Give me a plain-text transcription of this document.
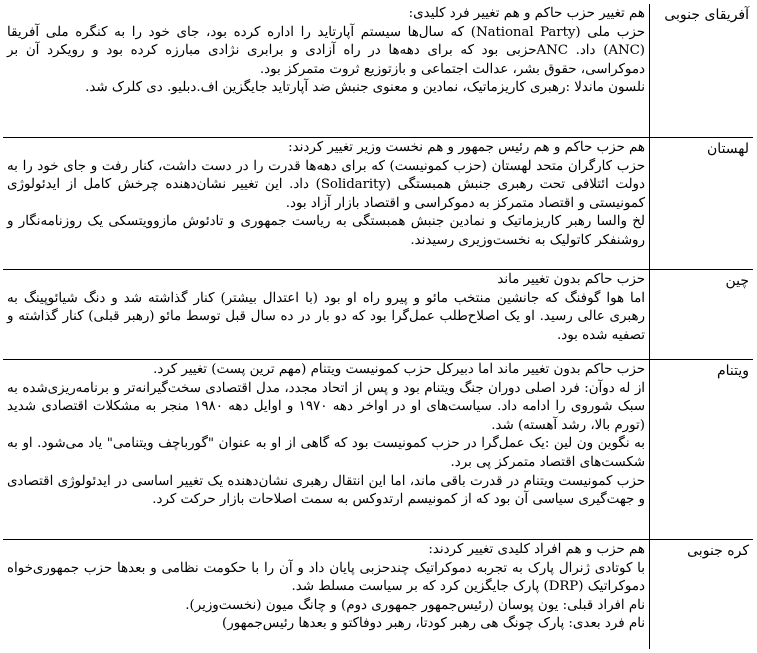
آفریقای جنوبی	هم تغییر حزب حاکم و هم تغییر فرد کلیدی:

حزب ملی (National Party) که سال‌ها سیستم آپارتاید را اداره کرده بود، جای خود را به کنگره ملی آفریقا (ANC) داد. ANCحزبی بود که برای دهه‌ها در راه آزادی و برابری نژادی مبارزه کرده بود و رویکرد آن بر دموکراسی، حقوق بشر، عدالت اجتماعی و بازتوزیع ثروت متمرکز بود.

نلسون ماندلا :رهبری کاریزماتیک، نمادین و معنوی جنبش ضد آپارتاید جایگزین اف.دبلیو. دی کلرک شد.

لهستان	هم حزب حاکم و هم رئیس جمهور و هم نخست وزیر تغییر کردند:

حزب کارگران متحد لهستان (حزب کمونیست) که برای دهه‌ها قدرت را در دست داشت، کنار رفت و جای خود را به دولت ائتلافی تحت رهبری جنبش همبستگی (Solidarity) داد. این تغییر نشان‌دهنده چرخش کامل از ایدئولوژی کمونیستی و اقتصاد متمرکز به دموکراسی و اقتصاد بازار آزاد بود.

لخ والسا رهبر کاریزماتیک و نمادین جنبش همبستگی به ریاست جمهوری و تادئوش مازوویتسکی یک روزنامه‌نگار و روشنفکر کاتولیک به نخست‌وزیری رسیدند.

چین	حزب حاکم بدون تغییر ماند

اما هوا گوفنگ که جانشین منتخب مائو و پیرو راه او بود (با اعتدال بیشتر) کنار گذاشته شد و دنگ شیائوپینگ به رهبری عالی رسید. او یک اصلاح‌طلب عمل‌گرا بود که دو بار در ده سال قبل توسط مائو (رهبر قبلی) کنار گذاشته و تصفیه شده بود.

ویتنام	حزب حاکم بدون تغییر ماند اما دبیرکل حزب کمونیست ویتنام (مهم ترین پست) تغییر کرد.

از له دوآن: فرد اصلی دوران جنگ ویتنام بود و پس از اتحاد مجدد، مدل اقتصادی سخت‌گیرانه‌تر و برنامه‌ریزی‌شده به سبک شوروی را ادامه داد. سیاست‌های او در اواخر دهه ۱۹۷۰ و اوایل دهه ۱۹۸۰ منجر به مشکلات اقتصادی شدید (تورم بالا، رشد آهسته) شد.

به نگوین ون لین :یک عمل‌گرا در حزب کمونیست بود که گاهی از او به عنوان "گورباچف ویتنامی" یاد می‌شود. او به شکست‌های اقتصاد متمرکز پی برد.

حزب کمونیست ویتنام در قدرت باقی ماند، اما این انتقال رهبری نشان‌دهنده یک تغییر اساسی در ایدئولوژی اقتصادی و جهت‌گیری سیاسی آن بود که از کمونیسم ارتدوکس به سمت اصلاحات بازار حرکت کرد.

کره جنوبی	هم حزب و هم افراد کلیدی تغییر کردند:

با کوتادی ژنرال پارک به تجربه دموکراتیک چندحزبی پایان داد و آن را با حکومت نظامی و بعدها حزب جمهوری‌خواه دموکراتیک (DRP) پارک جایگزین کرد که بر سیاست مسلط شد.

نام افراد قبلی: یون پوسان (رئیس‌جمهور جمهوری دوم) و چانگ میون (نخست‌وزیر).

نام فرد بعدی: پارک چونگ هی رهبر کودتا، رهبر دوفاکتو و بعدها رئیس‌جمهور)
